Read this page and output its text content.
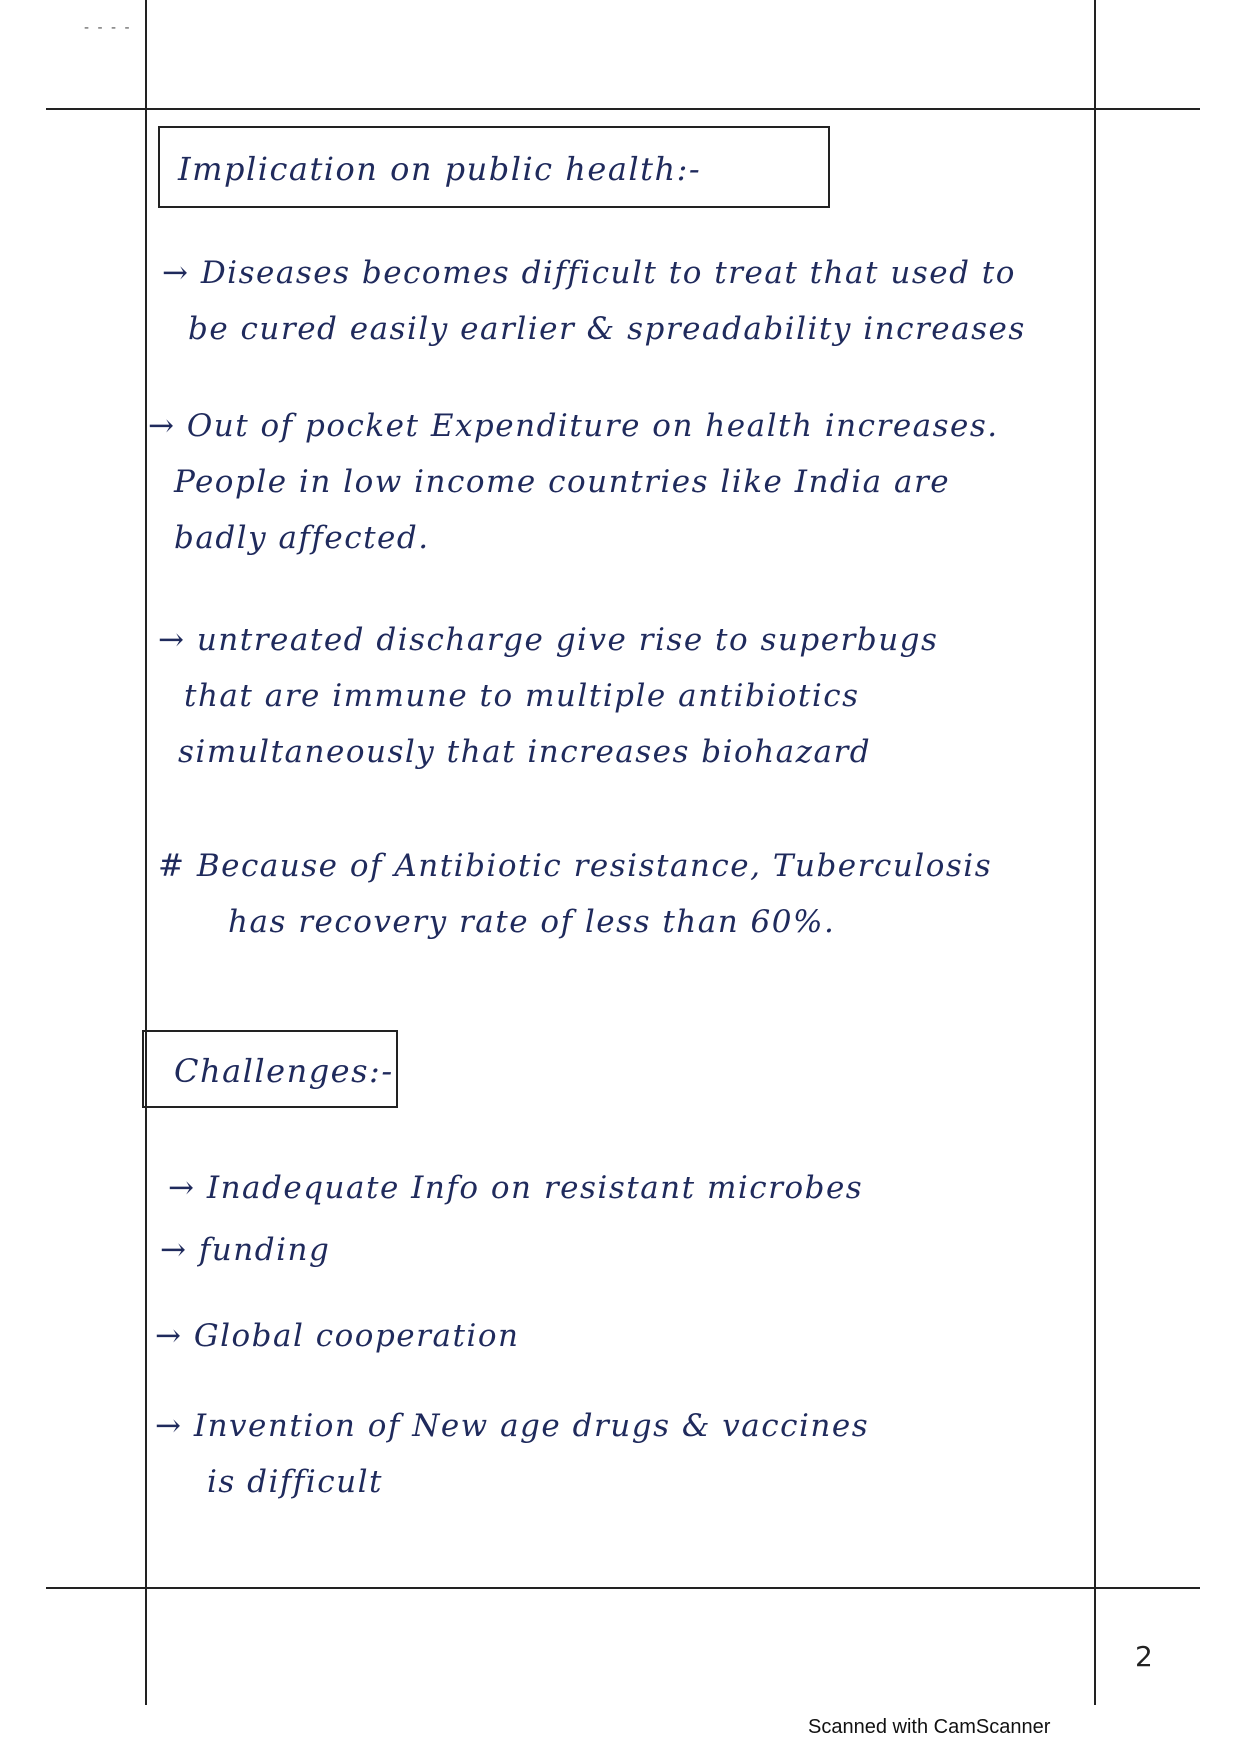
- - - -
Implication on public health:-
→ Diseases becomes difficult to treat that used to
be cured easily earlier & spreadability increases
→ Out of pocket Expenditure on health increases.
People in low income countries like India are
badly affected.
→ untreated discharge give rise to superbugs
that are immune to multiple antibiotics
simultaneously that increases biohazard
# Because of Antibiotic resistance, Tuberculosis
has recovery rate of less than 60%.
Challenges:-
→ Inadequate Info on resistant microbes
→ funding
→ Global cooperation
→ Invention of New age drugs & vaccines
is difficult
2
Scanned with CamScanner
